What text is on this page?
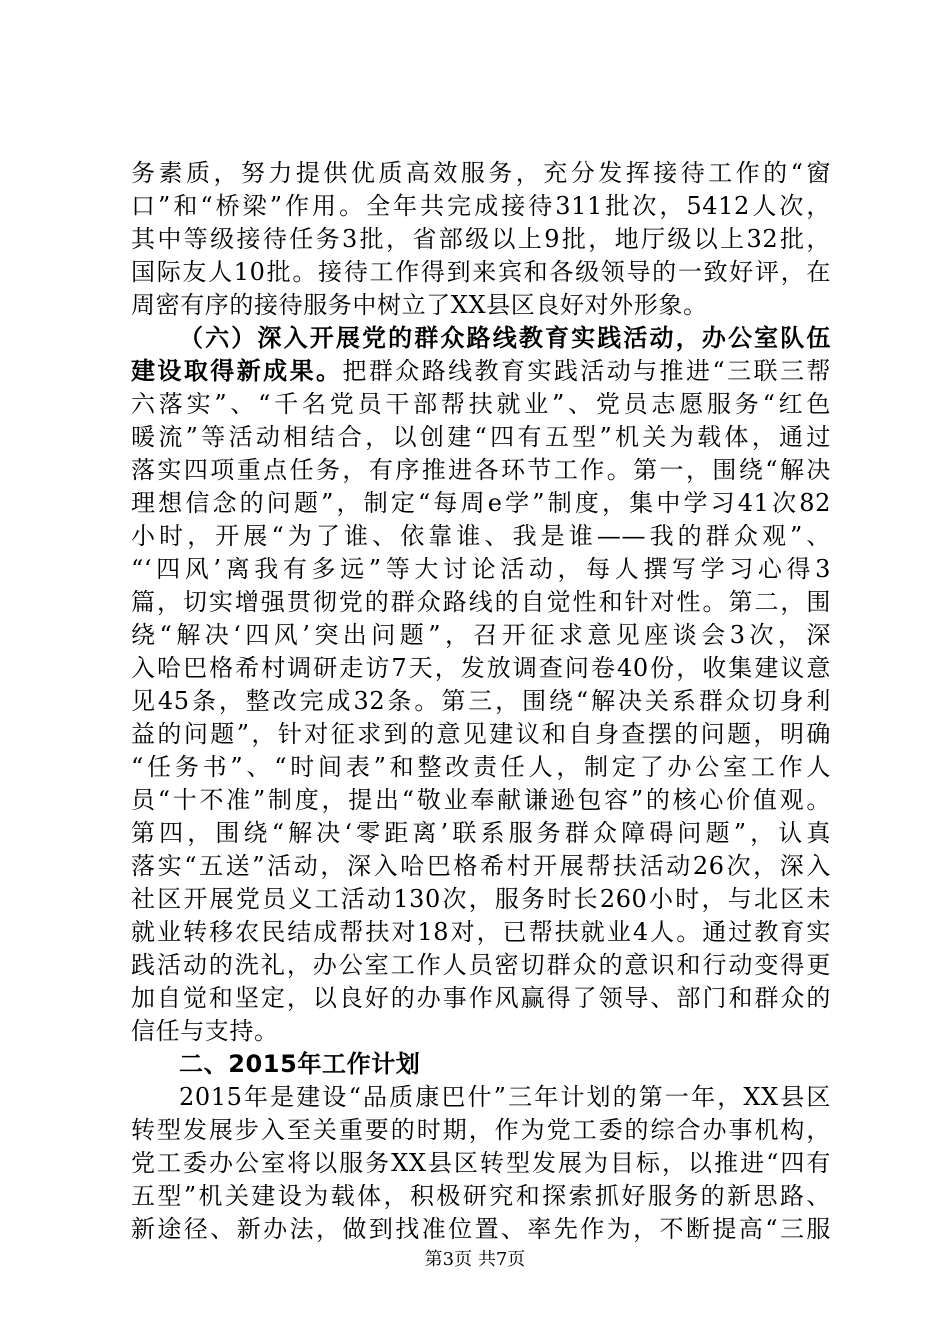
务素质，努力提供优质高效服务，充分发挥接待工作的“窗
口”和“桥梁”作用。全年共完成接待311批次，5412人次，
其中等级接待任务3批，省部级以上9批，地厅级以上32批，
国际友人10批。接待工作得到来宾和各级领导的一致好评，在
周密有序的接待服务中树立了XX县区良好对外形象。
（六）深入开展党的群众路线教育实践活动，办公室队伍
建设取得新成果。把群众路线教育实践活动与推进“三联三帮
六落实”、“千名党员干部帮扶就业”、党员志愿服务“红色
暖流”等活动相结合，以创建“四有五型”机关为载体，通过
落实四项重点任务，有序推进各环节工作。第一，围绕“解决
理想信念的问题”，制定“每周e学”制度，集中学习41次82
小时，开展“为了谁、依靠谁、我是谁——我的群众观”、
“‘四风’离我有多远”等大讨论活动，每人撰写学习心得3
篇，切实增强贯彻党的群众路线的自觉性和针对性。第二，围
绕“解决‘四风’突出问题”，召开征求意见座谈会3次，深
入哈巴格希村调研走访7天，发放调查问卷40份，收集建议意
见45条，整改完成32条。第三，围绕“解决关系群众切身利
益的问题”，针对征求到的意见建议和自身查摆的问题，明确
“任务书”、“时间表”和整改责任人，制定了办公室工作人
员“十不准”制度，提出“敬业奉献谦逊包容”的核心价值观。
第四，围绕“解决‘零距离’联系服务群众障碍问题”，认真
落实“五送”活动，深入哈巴格希村开展帮扶活动26次，深入
社区开展党员义工活动130次，服务时长260小时，与北区未
就业转移农民结成帮扶对18对，已帮扶就业4人。通过教育实
践活动的洗礼，办公室工作人员密切群众的意识和行动变得更
加自觉和坚定，以良好的办事作风赢得了领导、部门和群众的
信任与支持。
二、2015年工作计划
2015年是建设“品质康巴什”三年计划的第一年，XX县区
转型发展步入至关重要的时期，作为党工委的综合办事机构，
党工委办公室将以服务XX县区转型发展为目标，以推进“四有
五型”机关建设为载体，积极研究和探索抓好服务的新思路、
新途径、新办法，做到找准位置、率先作为，不断提高“三服
第3页 共7页
